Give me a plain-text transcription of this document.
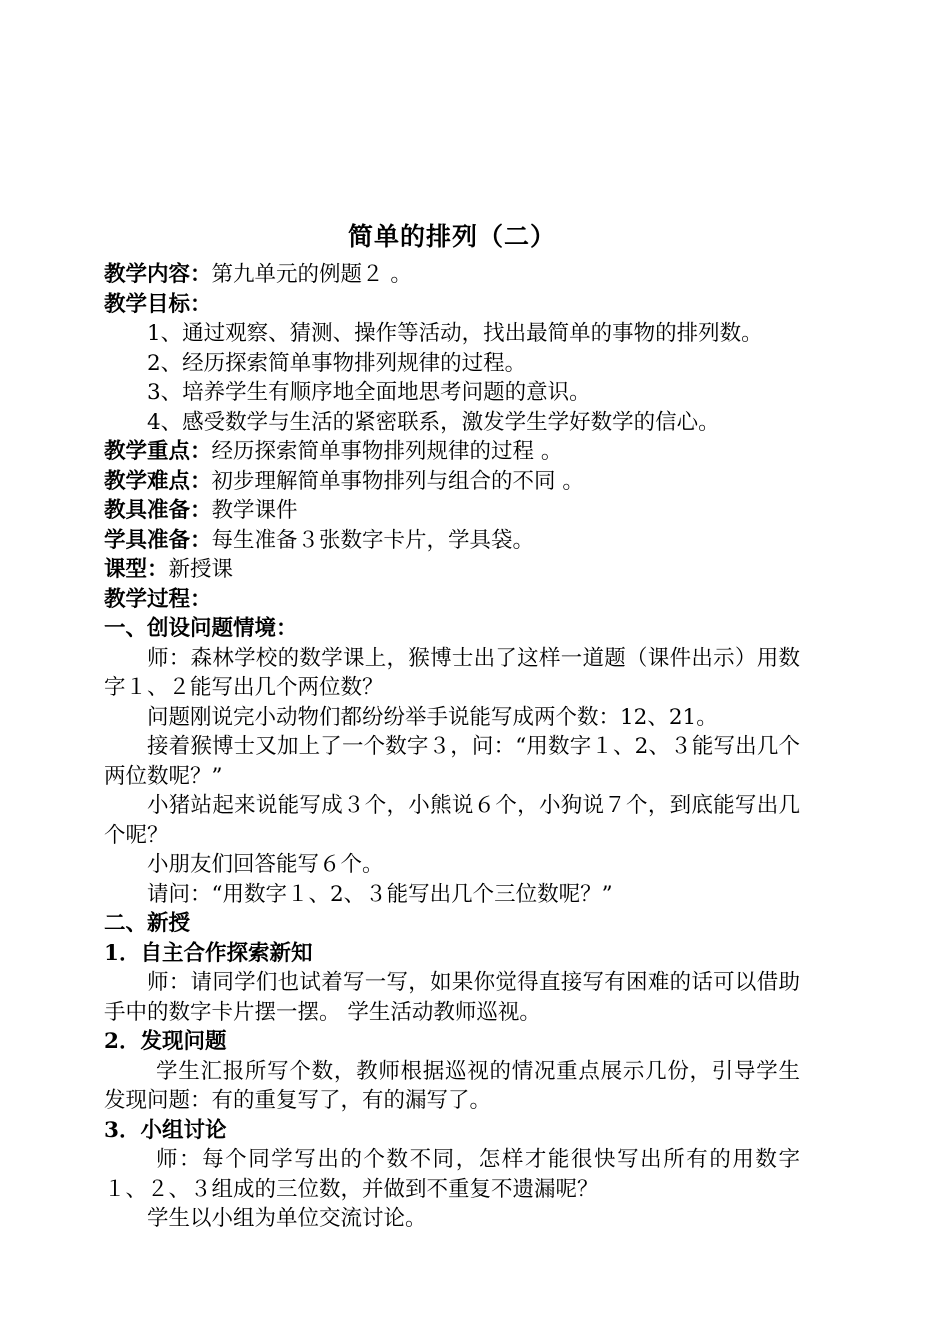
简单的排列（二）
教学内容：第九单元的例题２ 。
教学目标：
1、通过观察、猜测、操作等活动，找出最简单的事物的排列数。
2、经历探索简单事物排列规律的过程。
3、培养学生有顺序地全面地思考问题的意识。
4、感受数学与生活的紧密联系，激发学生学好数学的信心。
教学重点：经历探索简单事物排列规律的过程 。
教学难点：初步理解简单事物排列与组合的不同 。
教具准备：教学课件
学具准备：每生准备３张数字卡片，学具袋。
课型：新授课
教学过程：
一、创设问题情境：
师：森林学校的数学课上，猴博士出了这样一道题（课件出示）用数字１、２能写出几个两位数？
问题刚说完小动物们都纷纷举手说能写成两个数：12、21。
接着猴博士又加上了一个数字３，问：“用数字１、2、３能写出几个两位数呢？”
小猪站起来说能写成３个，小熊说６个，小狗说７个，到底能写出几个呢？
小朋友们回答能写６个。
请问：“用数字１、2、３能写出几个三位数呢？”
二、新授
1．自主合作探索新知
师：请同学们也试着写一写，如果你觉得直接写有困难的话可以借助手中的数字卡片摆一摆。 学生活动教师巡视。
2．发现问题
学生汇报所写个数，教师根据巡视的情况重点展示几份，引导学生发现问题：有的重复写了，有的漏写了。
3．小组讨论
师：每个同学写出的个数不同，怎样才能很快写出所有的用数字１、２、３组成的三位数，并做到不重复不遗漏呢？
学生以小组为单位交流讨论。
